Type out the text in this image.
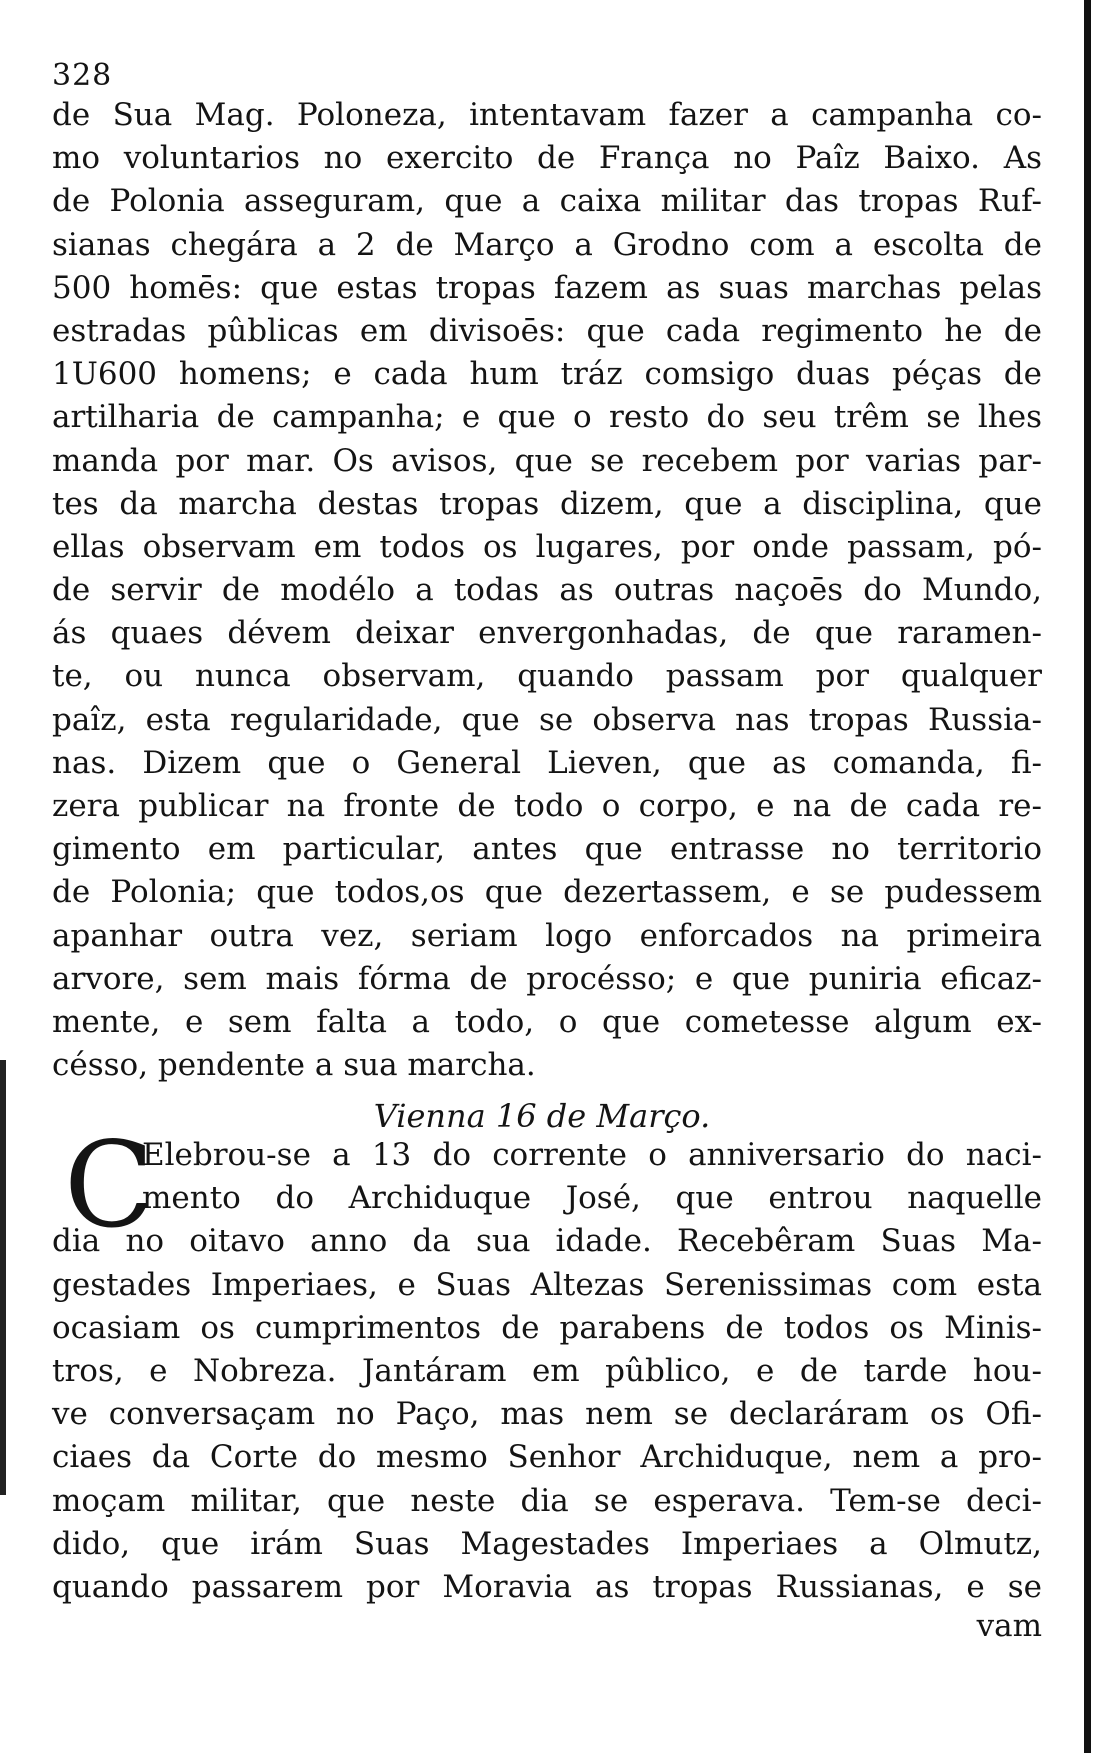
328
de Sua Mag. Poloneza, intentavam fazer a campanha co-
mo voluntarios no exercito de França no Paîz Baixo. As
de Polonia asseguram, que a caixa militar das tropas Ruf-
sianas chegára a 2 de Março a Grodno com a escolta de
500 homēs: que estas tropas fazem as suas marchas pelas
estradas pûblicas em divisoēs: que cada regimento he de
1U600 homens; e cada hum tráz comsigo duas péças de
artilharia de campanha; e que o resto do seu trêm se lhes
manda por mar. Os avisos, que se recebem por varias par-
tes da marcha destas tropas dizem, que a disciplina, que
ellas observam em todos os lugares, por onde passam, pó-
de servir de modélo a todas as outras naçoēs do Mundo,
ás quaes dévem deixar envergonhadas, de que raramen-
te, ou nunca observam, quando passam por qualquer
paîz, esta regularidade, que se observa nas tropas Russia-
nas. Dizem que o General Lieven, que as comanda, fi-
zera publicar na fronte de todo o corpo, e na de cada re-
gimento em particular, antes que entrasse no territorio
de Polonia; que todos,os que dezertassem, e se pudessem
apanhar outra vez, seriam logo enforcados na primeira
arvore, sem mais fórma de procésso; e que puniria eficaz-
mente, e sem falta a todo, o que cometesse algum ex-
césso, pendente a sua marcha.
Vienna 16 de Março.
C
Elebrou-se a 13 do corrente o anniversario do naci-
mento do Archiduque José, que entrou naquelle
dia no oitavo anno da sua idade. Recebêram Suas Ma-
gestades Imperiaes, e Suas Altezas Serenissimas com esta
ocasiam os cumprimentos de parabens de todos os Minis-
tros, e Nobreza. Jantáram em pûblico, e de tarde hou-
ve conversaçam no Paço, mas nem se declaráram os Ofi-
ciaes da Corte do mesmo Senhor Archiduque, nem a pro-
moçam militar, que neste dia se esperava. Tem-se deci-
dido, que irám Suas Magestades Imperiaes a Olmutz,
quando passarem por Moravia as tropas Russianas, e se
vam
